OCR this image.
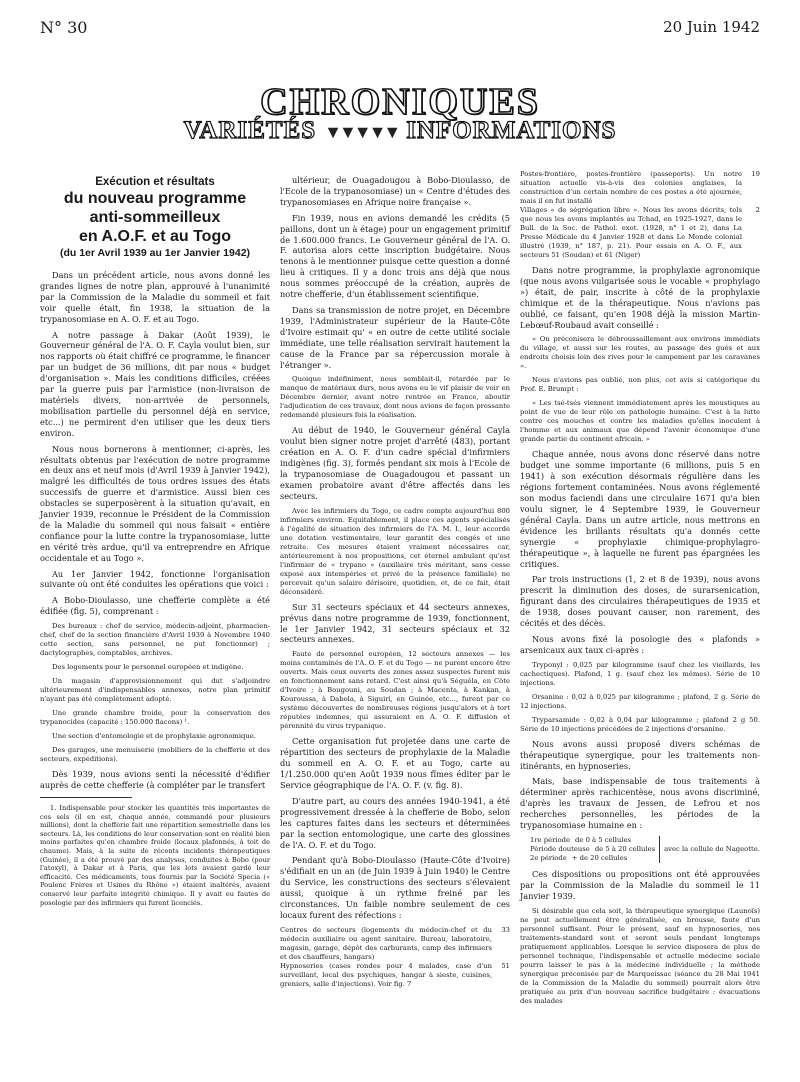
N° 30	20 Juin 1942
CHRONIQUES
VARIÉTÉS ▼▼▼▼▼ INFORMATIONS
Exécution et résultats
du nouveau programme
anti-sommeilleux
en A.O.F. et au Togo
(du 1er Avril 1939 au 1er Janvier 1942)

Dans un précédent article, nous avons donné les grandes lignes de notre plan, approuvé à l'unanimité par la Commission de la Maladie du sommeil et fait voir quelle était, fin 1938, la situation de la trypanosomiase en A. O. F. et au Togo.

A notre passage à Dakar (Août 1939), le Gouverneur général de l'A. O. F. Cayla voulut bien, sur nos rapports où était chiffré ce programme, le financer par un budget de 36 millions, dit par nous « budget d'organisation ». Mais les conditions difficiles, créées par la guerre puis par l'armistice (non-livraison de matériels divers, non-arrivée de personnels, mobilisation partielle du personnel déjà en service, etc...) ne permirent d'en utiliser que les deux tiers environ.

Nous nous bornerons à mentionner, ci-après, les résultats obtenus par l'exécution de notre programme en deux ans et neuf mois (d'Avril 1939 à Janvier 1942), malgré les difficultés de tous ordres issues des états successifs de guerre et d'armistice. Aussi bien ces obstacles se superposèrent à la situation qu'avait, en Janvier 1939, reconnue le Président de la Commission de la Maladie du sommeil qui nous faisait « entière confiance pour la lutte contre la trypanosomiase, lutte en vérité très ardue, qu'il va entreprendre en Afrique occidentale et au Togo ».

Au 1er Janvier 1942, fonctionne l'organisation suivante où ont été conduites les opérations que voici :

A Bobo-Dioulasso, une chefferie complète a été édifiée (fig. 5), comprenant :

Des bureaux : chef de service, médecin-adjoint, pharmacien-chef, chef de la section financière d'Avril 1939 à Novembre 1940 cette section, sans personnel, ne put fonctionner) ; dactylographes, comptables, archives.

Des logements pour le personnel européen et indigène.

Un magasin d'approvisionnement qui dut s'adjoindre ultérieurement d'indispensables annexes, notre plan primitif n'ayant pas été complètement adopté.

Une grande chambre froide, pour la conservation des trypanocides (capacité : 150.000 flacons) ¹.

Une section d'entomologie et de prophylaxie agronomique.

Des garages, une menuiserie (mobiliers de la chefferie et des secteurs, expéditions).

Dès 1939, nous avions senti la nécessité d'édifier auprès de cette chefferie (à compléter par le transfert

1. Indispensable pour stocker les quantités très importantes de ces sels (il en est, chaque année, commandé pour plusieurs millions), dont la chefferie fait une répartition semestrielle dans les secteurs. Là, les conditions de leur conservation sont en réalité bien moins parfaites qu'en chambre froide (locaux plafonnés, à toit de chaume). Mais, à la suite de récents incidents thérapeutiques (Guinée), il a été prouvé par des analyses, conduites à Bobo (pour l'atoxyl), à Dakar et à Paris, que les lots avaient gardé leur efficacité. Ces médicaments, tous fournis par la Société Specia (« Poulenc Frères et Usines du Rhône ») étaient inaltérés, avaient conservé leur parfaite intégrité chimique. Il y avait eu fautes de posologie par des infirmiers qui furent licenciés.

ultérieur, de Ouagadougou à Bobo-Dioulasso, de l'Ecole de la trypanosomiase) un « Centre d'études des trypanosomiases en Afrique noire française ».

Fin 1939, nous en avions demandé les crédits (5 paillons, dont un à étage) pour un engagement primitif de 1.600.000 francs. Le Gouverneur général de l'A. O. F. autorisa alors cette inscription budgétaire. Nous tenons à le mentionner puisque cette question a donné lieu à critiques. Il y a donc trois ans déjà que nous nous sommes préoccupé de la création, auprès de notre chefferie, d'un établissement scientifique.

Dans sa transmission de notre projet, en Décembre 1939, l'Administrateur supérieur de la Haute-Côte d'Ivoire estimait qu' « en outre de cette utilité sociale immédiate, une telle réalisation servirait hautement la cause de la France par sa répercussion morale à l'étranger ».

Quoique indéfiniment, nous semblait-il, retardée par le manque de matériaux durs, nous avons eu le vif plaisir de voir en Décembre dernier, avant notre rentrée en France, aboutir l'adjudication de ces travaux, dont nous avions de façon pressante redemandé plusieurs fois la réalisation.

Au début de 1940, le Gouverneur général Cayla voulut bien signer notre projet d'arrêté (483), portant création en A. O. F. d'un cadre spécial d'infirmiers indigènes (fig. 3), formés pendant six mois à l'Ecole de la trypanosomiase de Ouagadougou et passant un examen probatoire avant d'être affectés dans les secteurs.

Avec les infirmiers du Togo, ce cadre compte aujourd'hui 800 infirmiers environ. Equitablement, il place ces agents spécialisés à l'égalité de situation des infirmiers de l'A. M. I., leur accorde une dotation vestimentaire, leur garantit des congés et une retraite. Ces mesures étaient vraiment nécessaires car, antérieurement à nos propositions, cet éternel ambulant qu'est l'infirmier de « trypano » (auxiliaire très méritant, sans cesse exposé aux intempéries et privé de la présence familiale) ne percevait qu'un salaire dérisoire, quotidien, et, de ce fait, était déconsidéré.

Sur 31 secteurs spéciaux et 44 secteurs annexes, prévus dans notre programme de 1939, fonctionnent, le 1er Janvier 1942, 31 secteurs spéciaux et 32 secteurs annexes.

Faute de personnel européen, 12 secteurs annexes — les moins contaminés de l'A. O. F. et du Togo — ne purent encore être ouverts. Mais ceux ouverts des zones assez suspectes furent mis en fonctionnement sans retard. C'est ainsi qu'à Séguéla, en Côte d'Ivoire ; à Bougouni, au Soudan ; à Macenta, à Kankan, à Kouroussa, à Dabola, à Siguiri, en Guinée, etc..., furent par ce système découvertes de nombreuses régions jusqu'alors et à tort réputées indemnes, qui assuraient en A. O. F. diffusion et pérennité du virus trypanique.

Cette organisation fut projetée dans une carte de répartition des secteurs de prophylaxie de la Maladie du sommeil en A. O. F. et au Togo, carte au 1/1.250.000 qu'en Août 1939 nous fîmes éditer par le Service géographique de l'A. O. F. (v. fig. 8).

D'autre part, au cours des années 1940-1941, a été progressivement dressée à la chefferie de Bobo, selon les captures faites dans les secteurs et déterminées par la section entomologique, une carte des glossines de l'A. O. F. et du Togo.

Pendant qu'à Bobo-Dioulasso (Haute-Côte d'Ivoire) s'édifiait en un an (de Juin 1939 à Juin 1940) le Centre du Service, les constructions des secteurs s'élevaient aussi, quoique à un rythme freiné par les circonstances. Un faible nombre seulement de ces locaux furent des réfections :

Centres de secteurs (logements du médecin-chef et du médecin auxiliaire ou agent sanitaire. Bureau, laboratoire, magasin, garage, dépôt des carburants, camp des infirmiers et des chauffeurs, hangars)
33
Hypnoseries (cases rondes pour 4 malades, case d'un surveillant, local des psychiques, hangar à sieste, cuisines, greniers, salle d'injections). Voir fig. 7
51
Postes-frontière, postes-frontière (passeports). Un notre situation actuelle vis-à-vis des colonies anglaises, la construction d'un certain nombre de ces postes a été ajournée, mais il en fut installé
19
Villages « de ségrégation libre ». Nous les avons décrits, tels que nous les avons implantés au Tchad, en 1925-1927, dans le Bull. de la Soc. de Pathol. exot. (1928, n° 1 et 2), dans La Presse Médicale du 4 Janvier 1928 et dans Le Monde colonial illustré (1939, n° 187, p. 21). Pour essais en A. O. F., aux secteurs 51 (Soudan) et 61 (Niger)
2

Dans notre programme, la prophylaxie agronomique (que nous avons vulgarisée sous le vocable « prophylago ») était, de pair, inscrite à côté de la prophylaxie chimique et de la thérapeutique. Nous n'avions pas oublié, ce faisant, qu'en 1908 déjà la mission Martin-Lebœuf-Roubaud avait conseillé :

« On préconisera le débroussaillement aux environs immédiats du village, et aussi sur les routes, au passage des gués et aux endroits choisis loin des rives pour le campement par les caravanes ».

Nous n'avions pas oublié, non plus, cet avis si catégorique du Prof. E. Brumpt :

« Les tsé-tsés viennent immédiatement après les moustiques au point de vue de leur rôle en pathologie humaine. C'est à la lutte contre ces mouches et contre les maladies qu'elles inoculent à l'homme et aux animaux que dépend l'avenir économique d'une grande partie du continent africain. »

Chaque année, nous avons donc réservé dans notre budget une somme importante (6 millions, puis 5 en 1941) à son exécution désormais régulière dans les régions fortement contaminées. Nous avons réglementé son modus faciendi dans une circulaire 1671 qu'a bien voulu signer, le 4 Septembre 1939, le Gouverneur général Cayla. Dans un autre article, nous mettrons en évidence les brillants résultats qu'a donnés cette synergie « prophylaxie chimique-prophylagro-thérapeutique », à laquelle ne furent pas épargnées les critiques.

Par trois instructions (1, 2 et 8 de 1939), nous avons prescrit la diminution des doses, de surarsenication, figurant dans des circulaires thérapeutiques de 1935 et de 1938, doses pouvant causer, non rarement, des cécités et des décès.

Nous avons fixé la posologie des « plafonds » arsenicaux aux taux ci-après :

Tryponyl : 0,025 par kilogramme (sauf chez les vieillards, les cachectiques). Plafond, 1 g. (sauf chez les mêmes). Série de 10 injections.

Orsanine : 0,02 à 0,025 par kilogramme ; plafond, 2 g. Série de 12 injections.

Tryparsamide : 0,02 à 0,04 par kilogramme ; plafond 2 g 50. Série de 10 injections précédées de 2 injections d'orsanine.

Nous avons aussi proposé divers schémas de thérapeutique synergique, pour les traitements non-itinérants, en hypnoseries.

Mais, base indispensable de tous traitements à déterminer après rachicentèse, nous avons discriminé, d'après les travaux de Jessen, de Lefrou et nos recherches personnelles, les périodes de la trypanosomiase humaine en :

1re période de 0 à 5 cellules
Période douteuse de 5 à 20 cellules
2e période + de 20 cellules
avec la cellule de Nageotte.

Ces dispositions ou propositions ont été approuvées par la Commission de la Maladie du sommeil le 11 Janvier 1939.

Si désirable que cela soit, la thérapeutique synergique (Launoïs) ne peut actuellement être généralisée, en brousse, faute d'un personnel suffisant. Pour le présent, sauf en hypnoseries, nos traitements-standard sont et seront seuls pendant longtemps pratiquement applicables. Lorsque le service disposera de plus de personnel technique, l'indispensable et actuelle médecine sociale pourra laisser le pas à la médecine individuelle ; la méthode synergique préconisée par de Marqueissac (séance du 28 Mai 1941 de la Commission de la Maladie du sommeil) pourrait alors être pratiquée au prix d'un nouveau sacrifice budgétaire : évacuations des malades
